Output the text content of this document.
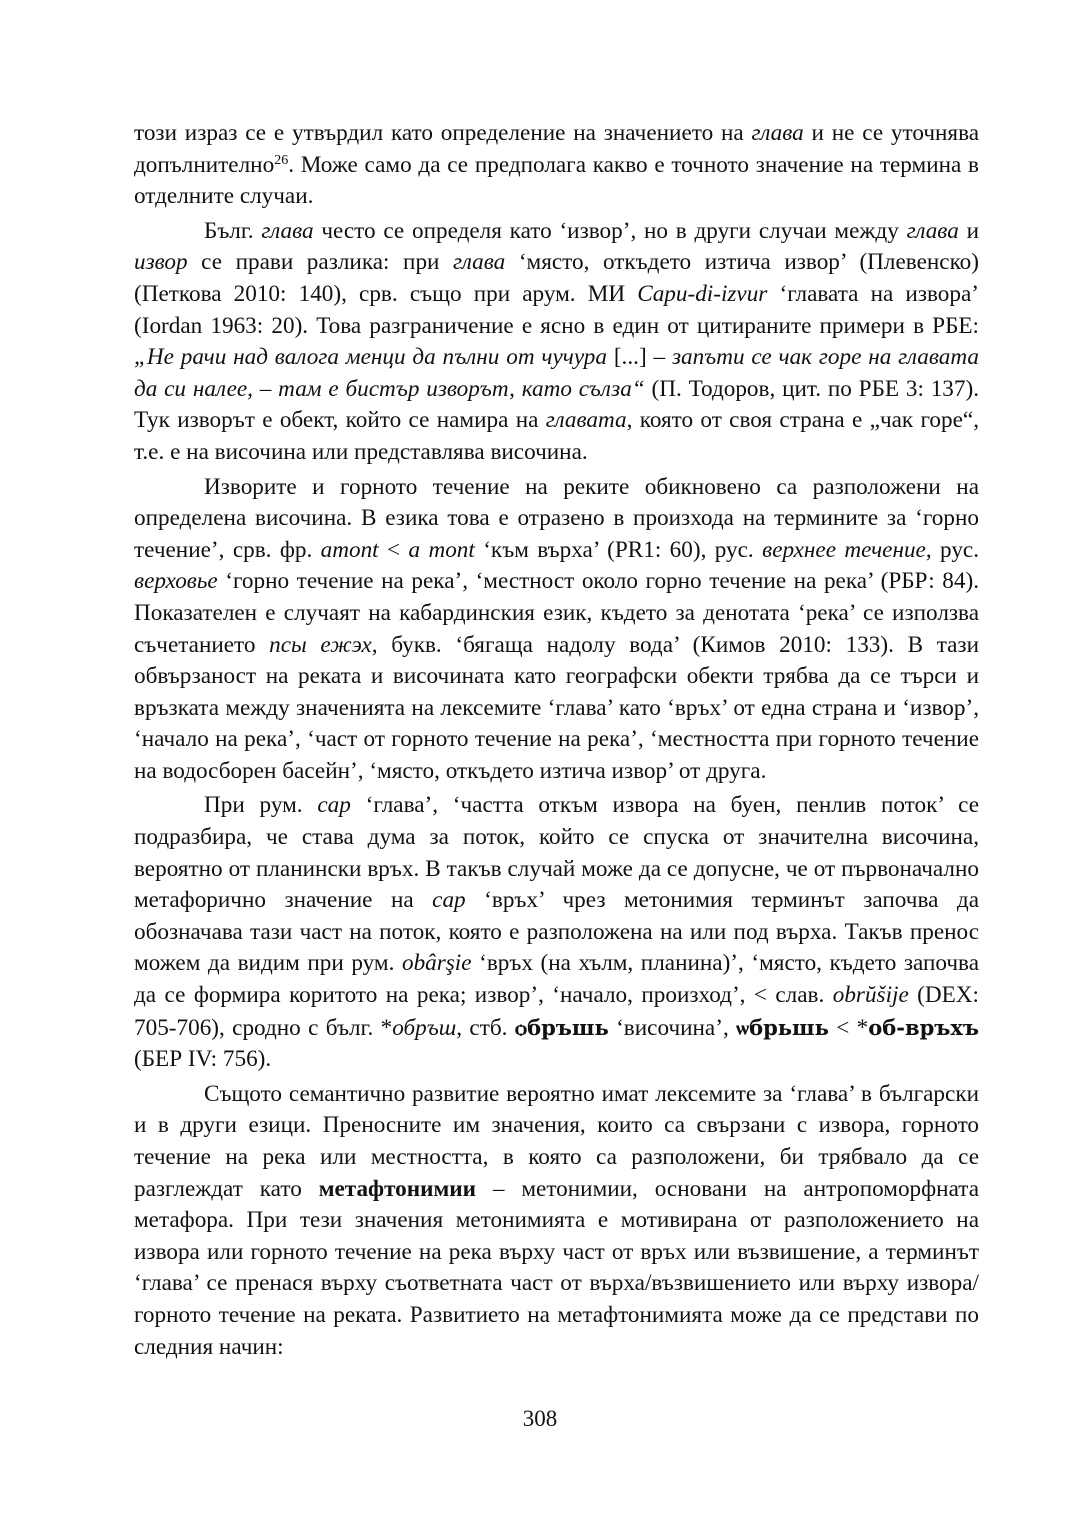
този израз се е утвърдил като определение на значението на глава и не се уточнява допълнително$^{26}$. Може само да се предполага какво е точното значение на термина в отделните случаи.

Бълг. глава често се определя като ‘извор’, но в други случаи между глава и извор се прави разлика: при глава ‘място, откъдето изтича извор’ (Плевенско) (Петкова 2010: 140), срв. също при арум. МИ Capu-di-izvur ‘главата на извора’ (Iordan 1963: 20). Това разграничение е ясно в един от цитираните примери в РБЕ: „Не рачи над валога менци да пълни от чучура [...] – запъти се чак горе на главата да си налее, – там е бистър изворът, като сълза“ (П. Тодоров, цит. по РБЕ 3: 137). Тук изворът е обект, който се намира на главата, която от своя страна е „чак горе“, т.е. е на височина или представлява височина.

Изворите и горното течение на реките обикновено са разположени на определена височина. В езика това е отразено в произхода на термините за ‘горно течение’, срв. фр. amont < a mont ‘към върха’ (PR1: 60), рус. верхнее течение, рус. верховье ‘горно течение на река’, ‘местност около горно течение на река’ (РБР: 84). Показателен е случаят на кабардинския език, където за денотата ‘река’ се използва съчетанието псы ежэх, букв. ‘бягаща надолу вода’ (Кимов 2010: 133). В тази обвързаност на реката и височината като географски обекти трябва да се търси и връзката между значенията на лексемите ‘глава’ като ‘връх’ от една страна и ‘извор’, ‘начало на река’, ‘част от горното течение на река’, ‘местността при горното течение на водосборен басейн’, ‘място, откъдето изтича извор’ от друга.

При рум. cap ‘глава’, ‘частта откъм извора на буен, пенлив поток’ се подразбира, че става дума за поток, който се спуска от значителна височина, вероятно от планински връх. В такъв случай може да се допусне, че от първоначално метафорично значение на cap ‘връх’ чрез метонимия терминът започва да обозначава тази част на поток, която е разположена на или под върха. Такъв пренос можем да видим при рум. obârşie ‘връх (на хълм, планина)’, ‘място, където започва да се формира коритото на река; извор’, ‘начало, произход’, < слав. obrŭšije (DEX: 705-706), сродно с бълг. *обръш, стб. ѻбръшь ‘височина’, ѡбрьшь < *об-връхъ (БЕР IV: 756).

Същото семантично развитие вероятно имат лексемите за ‘глава’ в български и в други езици. Преносните им значения, които са свързани с извора, горното течение на река или местността, в която са разположени, би трябвало да се разглеждат като метафтонимии – метонимии, основани на антропоморфната метафора. При тези значения метонимията е мотивирана от разположението на извора или горното течение на река върху част от връх или възвишение, а терминът ‘глава’ се пренася върху съответната част от върха/възвишението или върху извора/горното течение на реката. Развитието на метафтонимията може да се представи по следния начин:

308
